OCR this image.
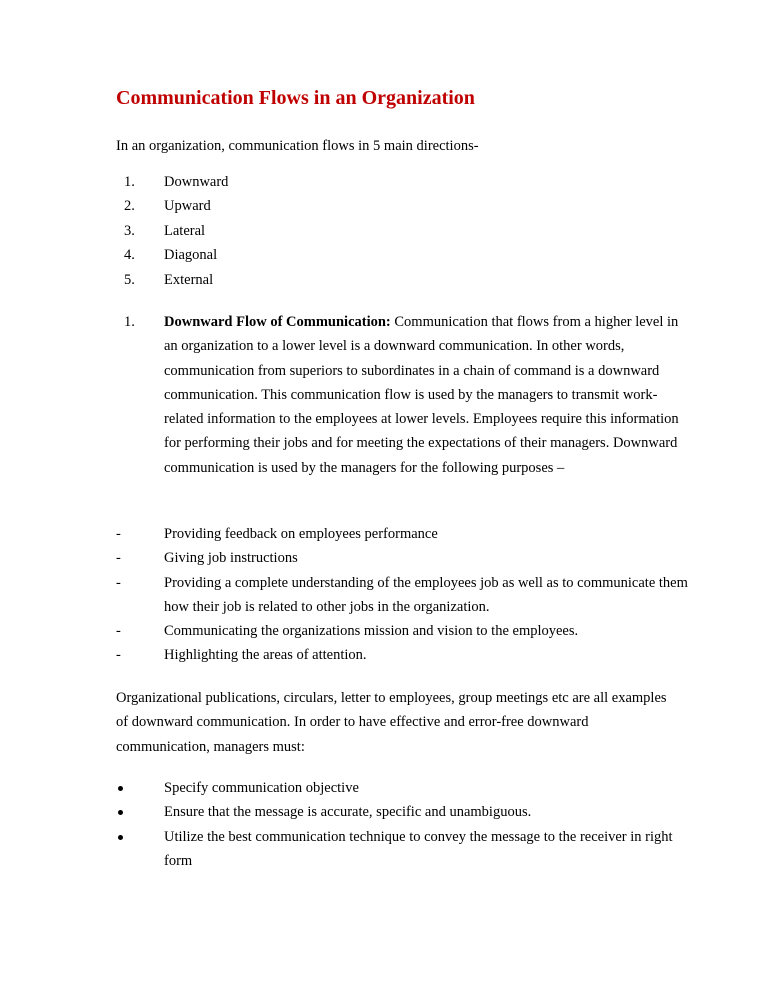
Communication Flows in an Organization

In an organization, communication flows in 5 main directions-

1. Downward
2. Upward
3. Lateral
4. Diagonal
5. External
1. Downward Flow of Communication: Communication that flows from a higher level in an organization to a lower level is a downward communication. In other words, communication from superiors to subordinates in a chain of command is a downward communication. This communication flow is used by the managers to transmit work-related information to the employees at lower levels. Employees require this information for performing their jobs and for meeting the expectations of their managers. Downward communication is used by the managers for the following purposes –
-	Providing feedback on employees performance
-	Giving job instructions
-	Providing a complete understanding of the employees job as well as to communicate them how their job is related to other jobs in the organization.
-	Communicating the organizations mission and vision to the employees.
-	Highlighting the areas of attention.

Organizational publications, circulars, letter to employees, group meetings etc are all examples of downward communication. In order to have effective and error-free downward communication, managers must:

Specify communication objective
Ensure that the message is accurate, specific and unambiguous.
Utilize the best communication technique to convey the message to the receiver in right form
